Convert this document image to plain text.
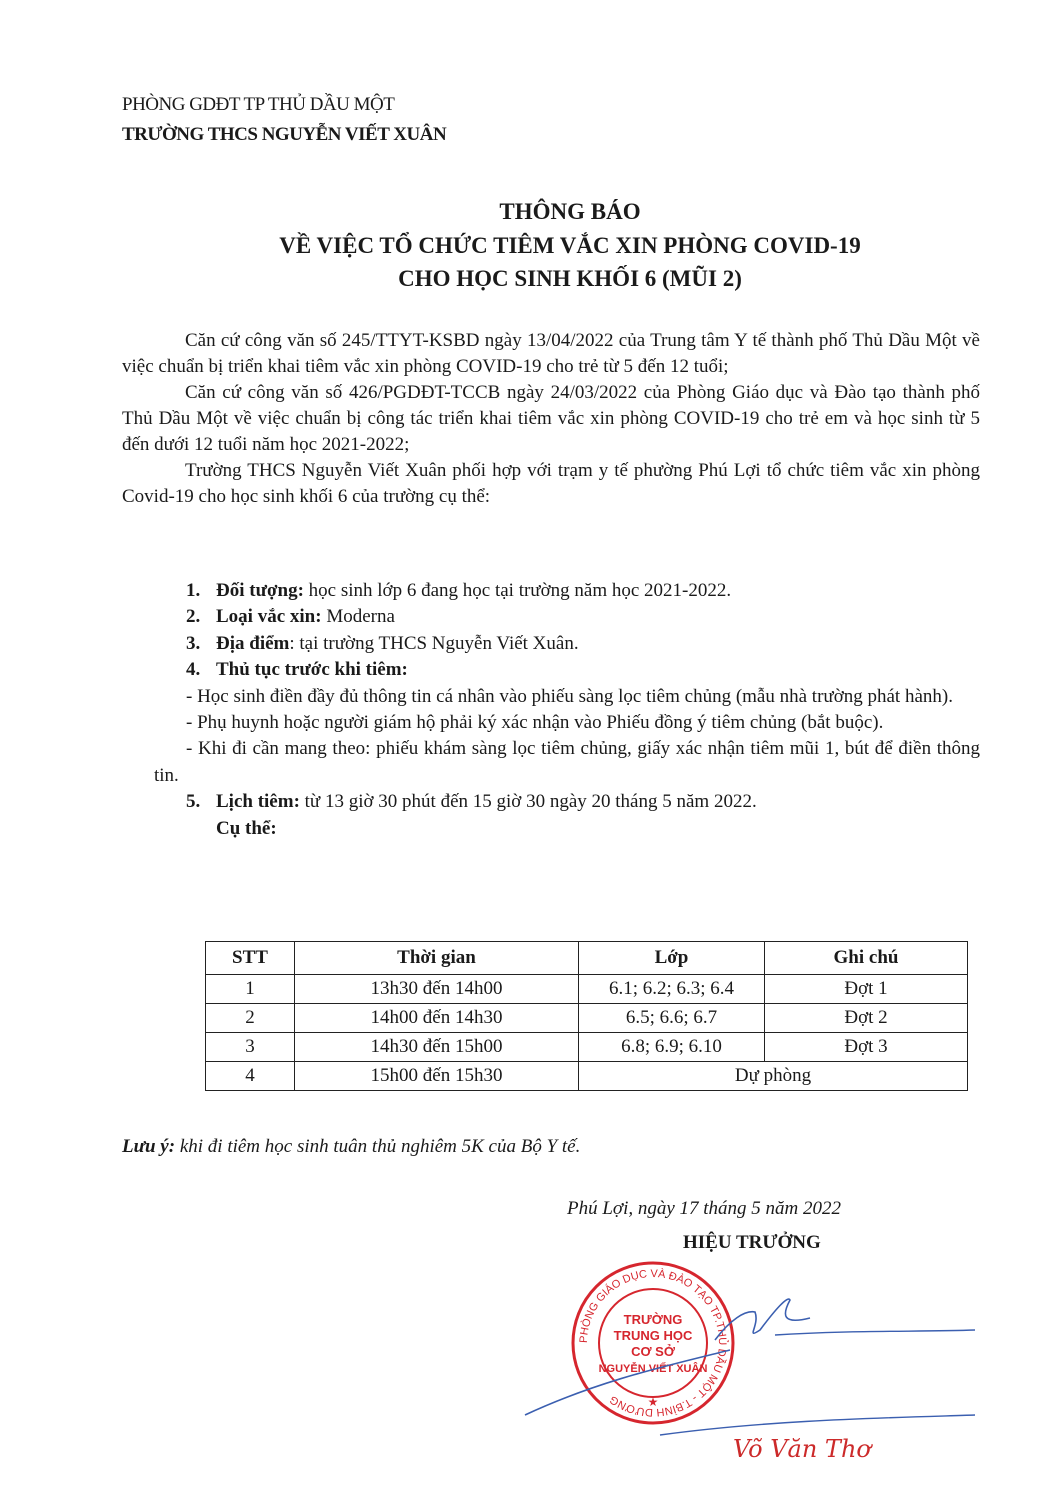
PHÒNG GDĐT TP THỦ DẦU MỘT
TRƯỜNG THCS NGUYỄN VIẾT XUÂN
THÔNG BÁO
VỀ VIỆC TỔ CHỨC TIÊM VẮC XIN PHÒNG COVID-19
CHO HỌC SINH KHỐI 6 (MŨI 2)

Căn cứ công văn số 245/TTYT-KSBD ngày 13/04/2022 của Trung tâm Y tế thành phố Thủ Dầu Một về việc chuẩn bị triển khai tiêm vắc xin phòng COVID-19 cho trẻ từ 5 đến 12 tuổi;

Căn cứ công văn số 426/PGDĐT-TCCB ngày 24/03/2022 của Phòng Giáo dục và Đào tạo thành phố Thủ Dầu Một về việc chuẩn bị công tác triển khai tiêm vắc xin phòng COVID-19 cho trẻ em và học sinh từ 5 đến dưới 12 tuổi năm học 2021-2022;

Trường THCS Nguyễn Viết Xuân phối hợp với trạm y tế phường Phú Lợi tổ chức tiêm vắc xin phòng Covid-19 cho học sinh khối 6 của trường cụ thể:

1. Đối tượng: học sinh lớp 6 đang học tại trường năm học 2021-2022.
2. Loại vắc xin: Moderna
3. Địa điểm: tại trường THCS Nguyễn Viết Xuân.
4. Thủ tục trước khi tiêm:
- Học sinh điền đầy đủ thông tin cá nhân vào phiếu sàng lọc tiêm chủng (mẫu nhà trường phát hành).
- Phụ huynh hoặc người giám hộ phải ký xác nhận vào Phiếu đồng ý tiêm chủng (bắt buộc).
- Khi đi cần mang theo: phiếu khám sàng lọc tiêm chủng, giấy xác nhận tiêm mũi 1, bút để điền thông tin.
5. Lịch tiêm: từ 13 giờ 30 phút đến 15 giờ 30 ngày 20 tháng 5 năm 2022.
Cụ thể:
STT	Thời gian	Lớp	Ghi chú
1	13h30 đến 14h00	6.1; 6.2; 6.3; 6.4	Đợt 1
2	14h00 đến 14h30	6.5; 6.6; 6.7	Đợt 2
3	14h30 đến 15h00	6.8; 6.9; 6.10	Đợt 3
4	15h00 đến 15h30	Dự phòng	
Lưu ý: khi đi tiêm học sinh tuân thủ nghiêm 5K của Bộ Y tế.
Phú Lợi, ngày 17 tháng 5 năm 2022
HIỆU TRƯỞNG
PHÒNG GIÁO DỤC VÀ ĐÀO TẠO TP.THỦ DẦU MỘT - T.BÌNH DƯƠNG
TRƯỜNG
TRUNG HỌC
CƠ SỞ
NGUYỄN VIẾT XUÂN
★
Võ Văn Thơ
